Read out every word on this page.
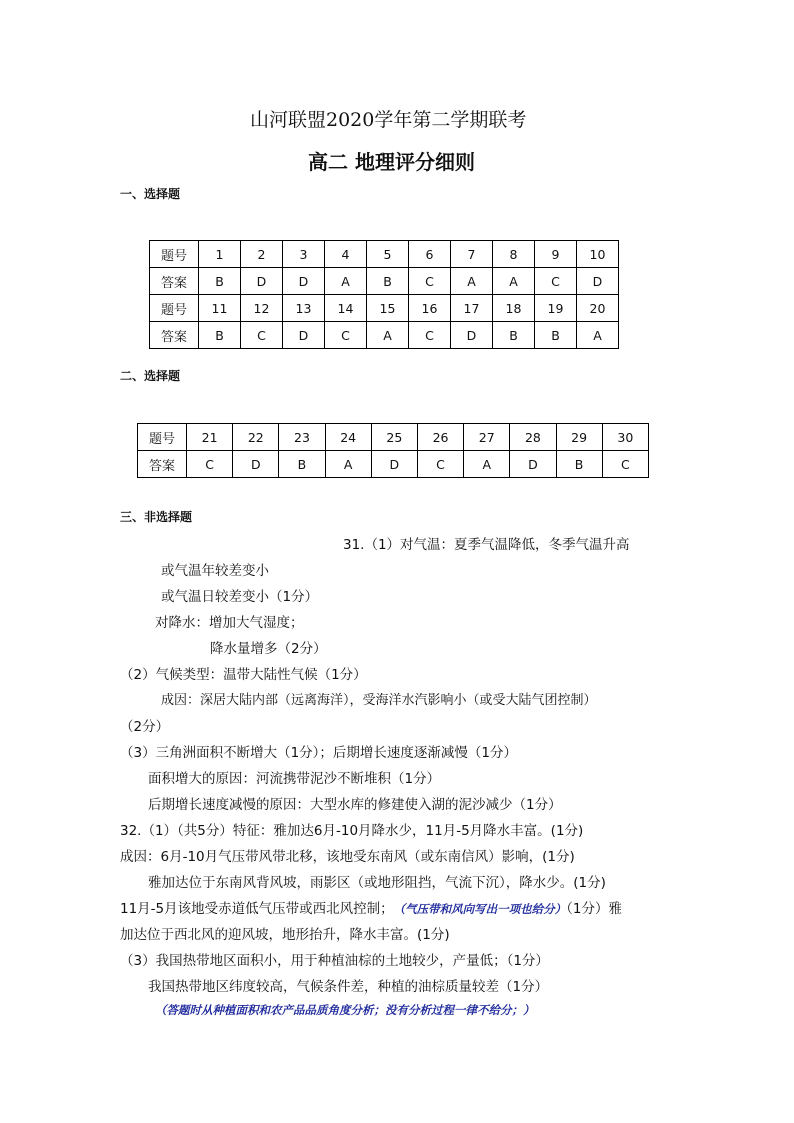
山河联盟2020学年第二学期联考
高二 地理评分细则
一、选择题
题号	1	2	3	4	5	6	7	8	9	10
答案	B	D	D	A	B	C	A	A	C	D
题号	11	12	13	14	15	16	17	18	19	20
答案	B	C	D	C	A	C	D	B	B	A
二、选择题
题号	21	22	23	24	25	26	27	28	29	30
答案	C	D	B	A	D	C	A	D	B	C
三、非选择题
31.（1）对气温：夏季气温降低，冬季气温升高
或气温年较差变小
或气温日较差变小（1分）
对降水：增加大气湿度；
降水量增多（2分）
（2）气候类型：温带大陆性气候（1分）
成因：深居大陆内部（远离海洋），受海洋水汽影响小（或受大陆气团控制）
（2分）
（3）三角洲面积不断增大（1分）；后期增长速度逐渐减慢（1分）
面积增大的原因：河流携带泥沙不断堆积（1分）
后期增长速度减慢的原因：大型水库的修建使入湖的泥沙减少（1分）
32.（1）（共5分）特征：雅加达6月-10月降水少，11月-5月降水丰富。(1分)
成因：6月-10月气压带风带北移，该地受东南风（或东南信风）影响，(1分)
雅加达位于东南风背风坡，雨影区（或地形阻挡，气流下沉），降水少。(1分)
11月-5月该地受赤道低气压带或西北风控制；（气压带和风向写出一项也给分）（1分）雅
加达位于西北风的迎风坡，地形抬升，降水丰富。(1分)
（3）我国热带地区面积小，用于种植油棕的土地较少，产量低；（1分）
我国热带地区纬度较高，气候条件差，种植的油棕质量较差（1分）
（答题时从种植面积和农产品品质角度分析；没有分析过程一律不给分；）
